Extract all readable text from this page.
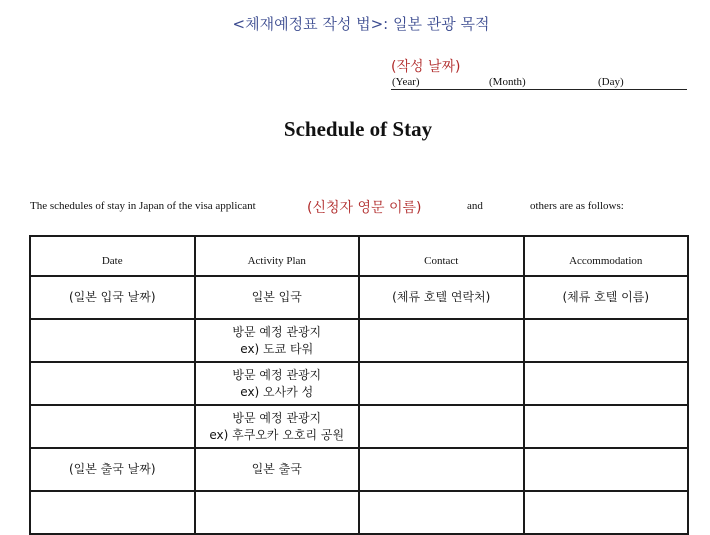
<체재예정표 작성 법>: 일본 관광 목적
(작성 날짜)
(Year)	(Month)	(Day)
Schedule of Stay
The schedules of stay in Japan of the visa applicant	(신청자 영문 이름)	and	others are as follows:
Date	Activity Plan	Contact	Accommodation
(일본 입국 날짜)	일본 입국	(체류 호텔 연락처)	(체류 호텔 이름)

	방문 예정 관광지
ex) 도쿄 타워		

	방문 예정 관광지
ex) 오사카 성		

	방문 예정 관광지
ex) 후쿠오카 오호리 공원		

(일본 출국 날짜)	일본 출국		
